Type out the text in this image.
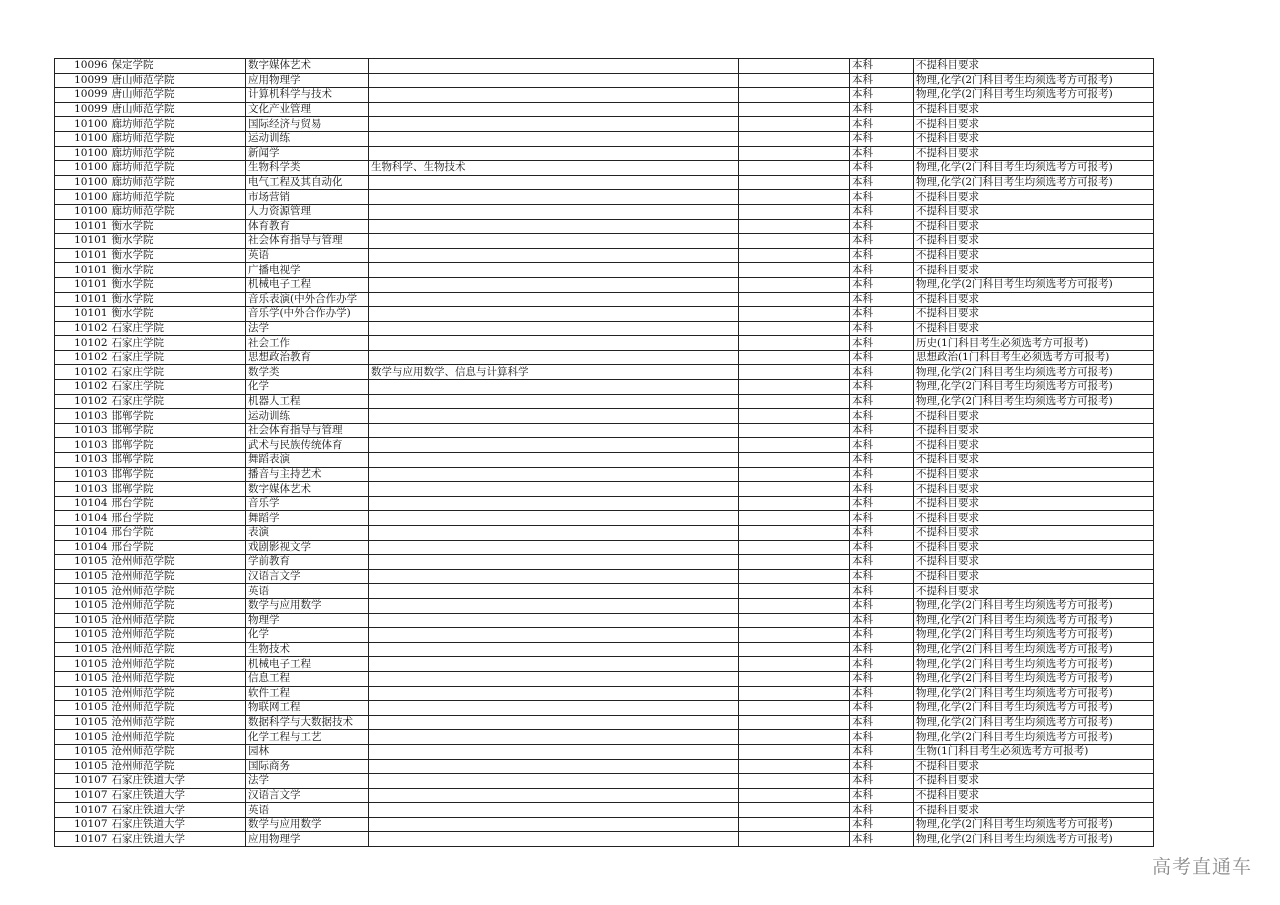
10096	保定学院	数字媒体艺术			本科	不提科目要求
10099	唐山师范学院	应用物理学			本科	物理,化学(2门科目考生均须选考方可报考)
10099	唐山师范学院	计算机科学与技术			本科	物理,化学(2门科目考生均须选考方可报考)
10099	唐山师范学院	文化产业管理			本科	不提科目要求
10100	廊坊师范学院	国际经济与贸易			本科	不提科目要求
10100	廊坊师范学院	运动训练			本科	不提科目要求
10100	廊坊师范学院	新闻学			本科	不提科目要求
10100	廊坊师范学院	生物科学类	生物科学、生物技术		本科	物理,化学(2门科目考生均须选考方可报考)
10100	廊坊师范学院	电气工程及其自动化			本科	物理,化学(2门科目考生均须选考方可报考)
10100	廊坊师范学院	市场营销			本科	不提科目要求
10100	廊坊师范学院	人力资源管理			本科	不提科目要求
10101	衡水学院	体育教育			本科	不提科目要求
10101	衡水学院	社会体育指导与管理			本科	不提科目要求
10101	衡水学院	英语			本科	不提科目要求
10101	衡水学院	广播电视学			本科	不提科目要求
10101	衡水学院	机械电子工程			本科	物理,化学(2门科目考生均须选考方可报考)
10101	衡水学院	音乐表演(中外合作办学			本科	不提科目要求
10101	衡水学院	音乐学(中外合作办学)			本科	不提科目要求
10102	石家庄学院	法学			本科	不提科目要求
10102	石家庄学院	社会工作			本科	历史(1门科目考生必须选考方可报考)
10102	石家庄学院	思想政治教育			本科	思想政治(1门科目考生必须选考方可报考)
10102	石家庄学院	数学类	数学与应用数学、信息与计算科学		本科	物理,化学(2门科目考生均须选考方可报考)
10102	石家庄学院	化学			本科	物理,化学(2门科目考生均须选考方可报考)
10102	石家庄学院	机器人工程			本科	物理,化学(2门科目考生均须选考方可报考)
10103	邯郸学院	运动训练			本科	不提科目要求
10103	邯郸学院	社会体育指导与管理			本科	不提科目要求
10103	邯郸学院	武术与民族传统体育			本科	不提科目要求
10103	邯郸学院	舞蹈表演			本科	不提科目要求
10103	邯郸学院	播音与主持艺术			本科	不提科目要求
10103	邯郸学院	数字媒体艺术			本科	不提科目要求
10104	邢台学院	音乐学			本科	不提科目要求
10104	邢台学院	舞蹈学			本科	不提科目要求
10104	邢台学院	表演			本科	不提科目要求
10104	邢台学院	戏剧影视文学			本科	不提科目要求
10105	沧州师范学院	学前教育			本科	不提科目要求
10105	沧州师范学院	汉语言文学			本科	不提科目要求
10105	沧州师范学院	英语			本科	不提科目要求
10105	沧州师范学院	数学与应用数学			本科	物理,化学(2门科目考生均须选考方可报考)
10105	沧州师范学院	物理学			本科	物理,化学(2门科目考生均须选考方可报考)
10105	沧州师范学院	化学			本科	物理,化学(2门科目考生均须选考方可报考)
10105	沧州师范学院	生物技术			本科	物理,化学(2门科目考生均须选考方可报考)
10105	沧州师范学院	机械电子工程			本科	物理,化学(2门科目考生均须选考方可报考)
10105	沧州师范学院	信息工程			本科	物理,化学(2门科目考生均须选考方可报考)
10105	沧州师范学院	软件工程			本科	物理,化学(2门科目考生均须选考方可报考)
10105	沧州师范学院	物联网工程			本科	物理,化学(2门科目考生均须选考方可报考)
10105	沧州师范学院	数据科学与大数据技术			本科	物理,化学(2门科目考生均须选考方可报考)
10105	沧州师范学院	化学工程与工艺			本科	物理,化学(2门科目考生均须选考方可报考)
10105	沧州师范学院	园林			本科	生物(1门科目考生必须选考方可报考)
10105	沧州师范学院	国际商务			本科	不提科目要求
10107	石家庄铁道大学	法学			本科	不提科目要求
10107	石家庄铁道大学	汉语言文学			本科	不提科目要求
10107	石家庄铁道大学	英语			本科	不提科目要求
10107	石家庄铁道大学	数学与应用数学			本科	物理,化学(2门科目考生均须选考方可报考)
10107	石家庄铁道大学	应用物理学			本科	物理,化学(2门科目考生均须选考方可报考)
高考直通车
